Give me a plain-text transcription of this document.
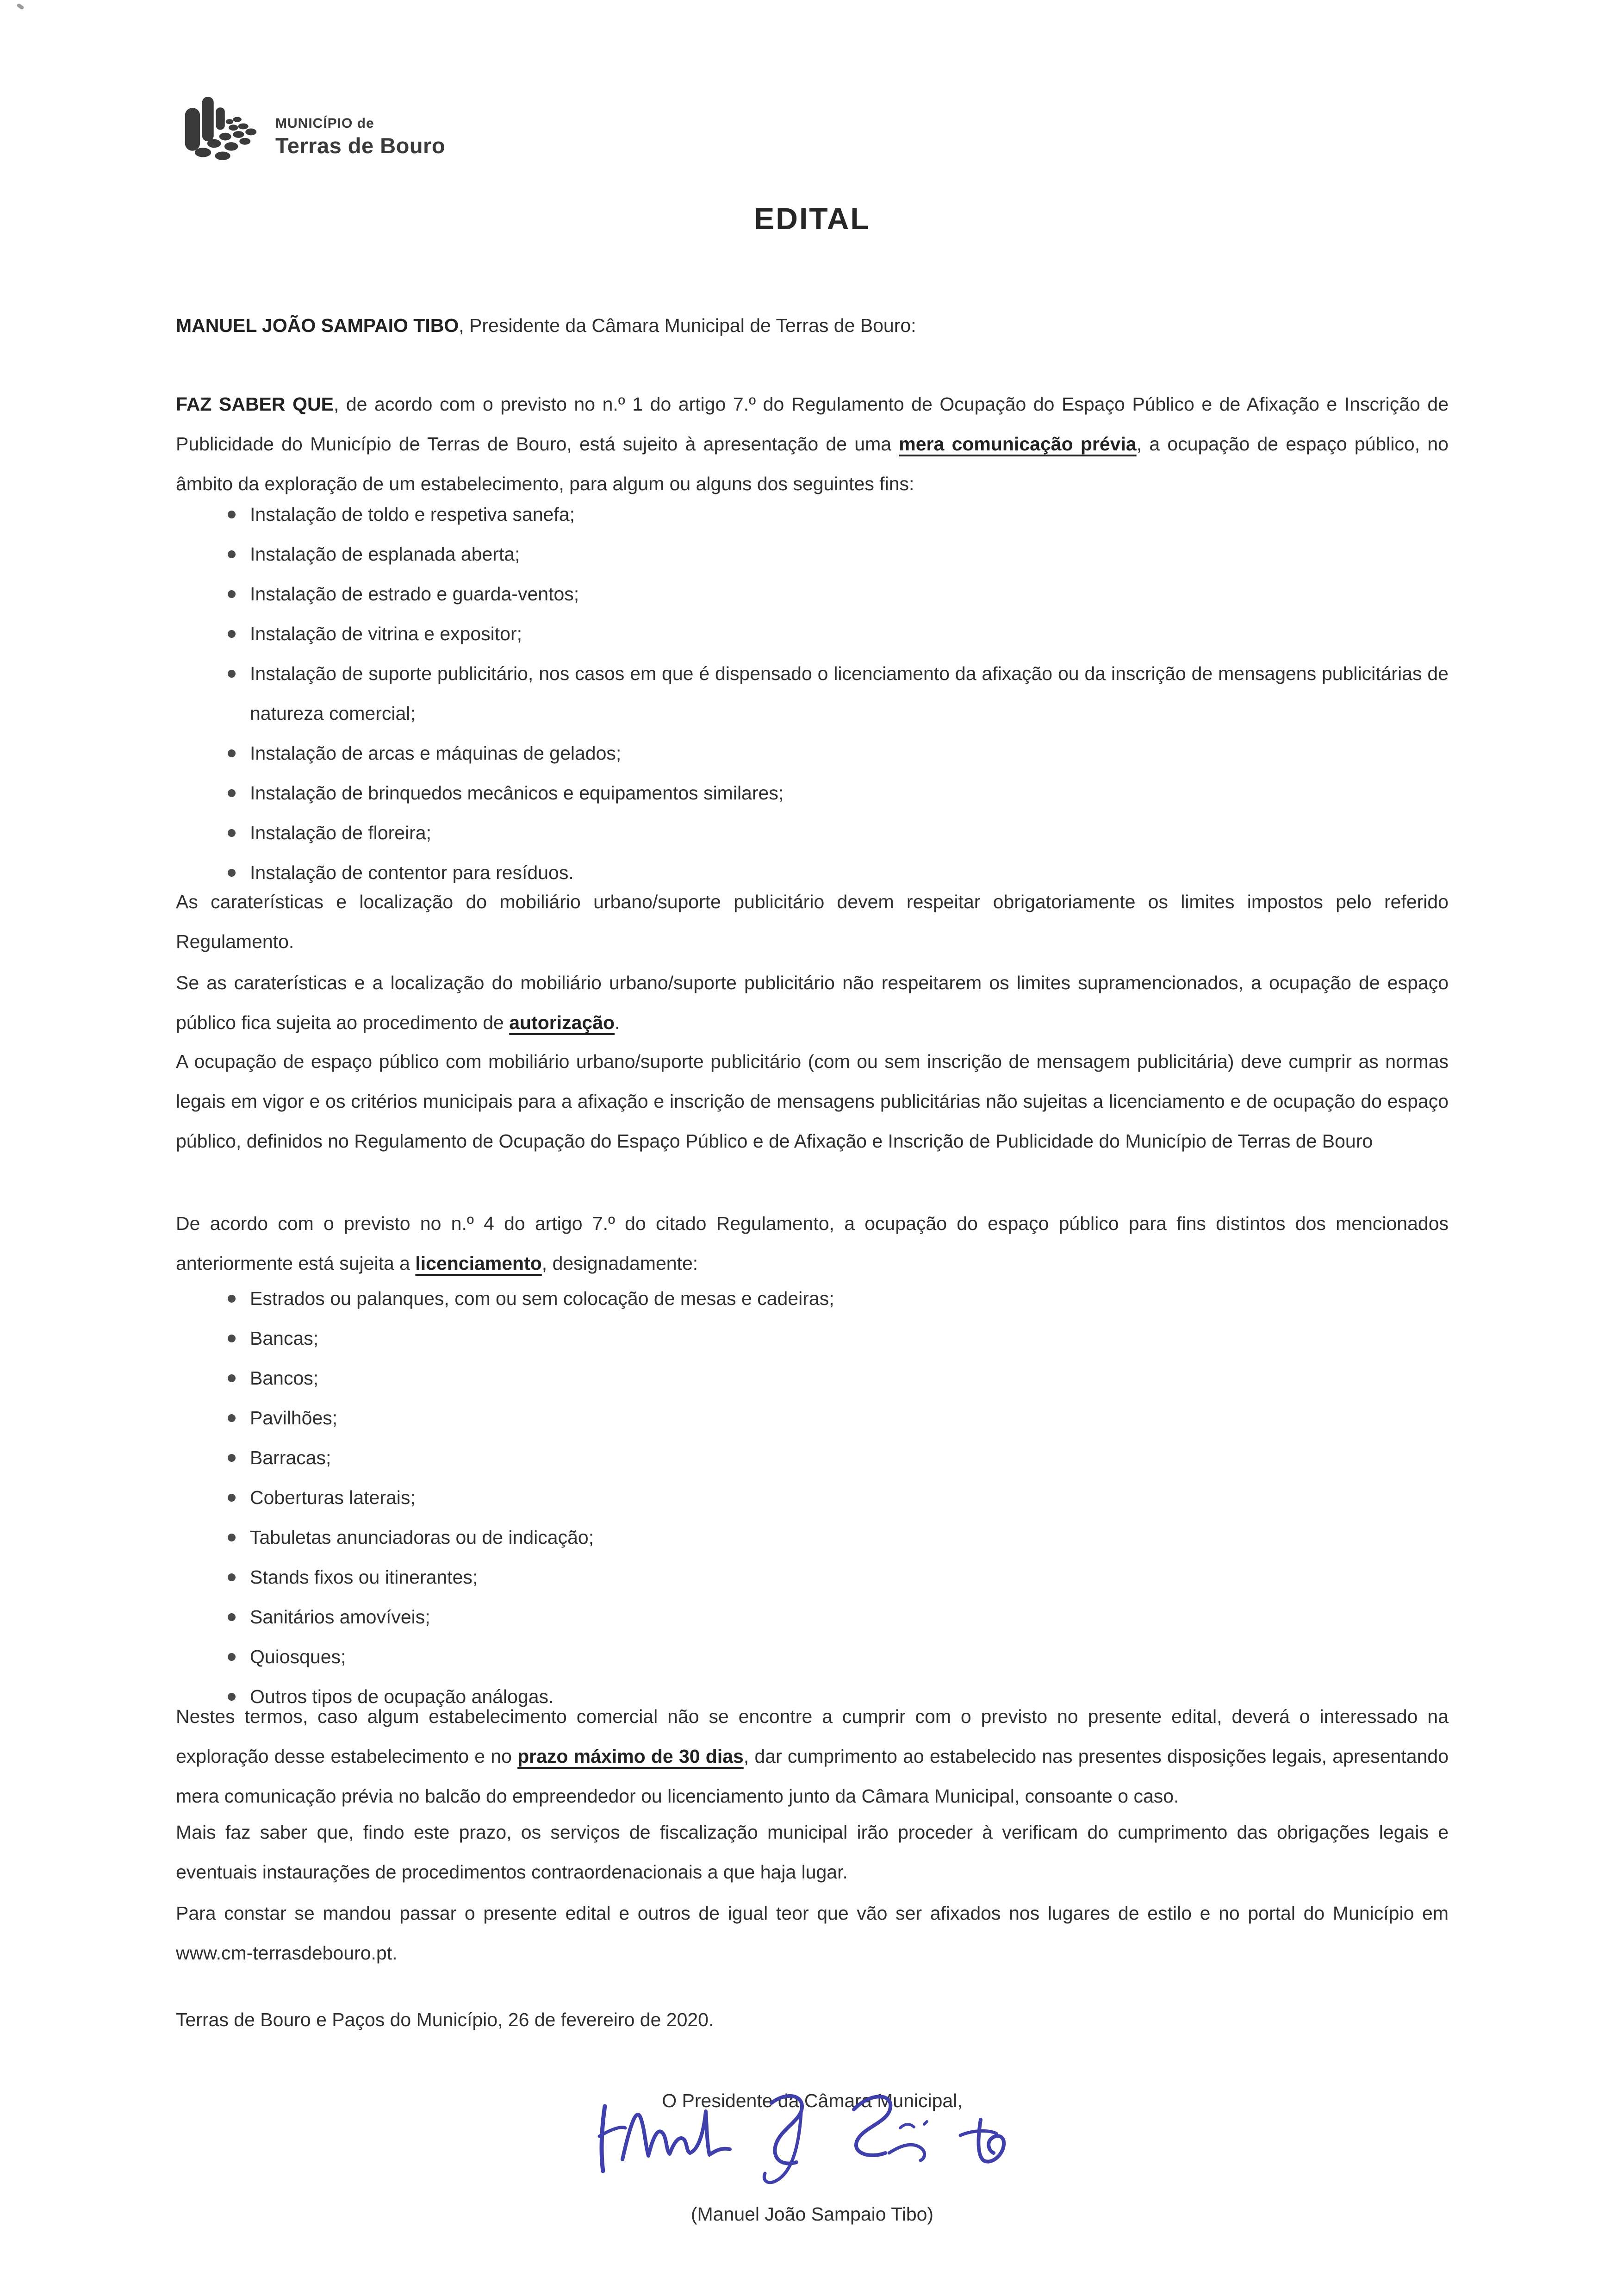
MUNICÍPIO de
Terras de Bouro
EDITAL

MANUEL JOÃO SAMPAIO TIBO, Presidente da Câmara Municipal de Terras de Bouro:

FAZ SABER QUE, de acordo com o previsto no n.º 1 do artigo 7.º do Regulamento de Ocupação do Espaço Público e de Afixação e Inscrição de Publicidade do Município de Terras de Bouro, está sujeito à apresentação de uma mera comunicação prévia, a ocupação de espaço público, no âmbito da exploração de um estabelecimento, para algum ou alguns dos seguintes fins:

Instalação de toldo e respetiva sanefa;
Instalação de esplanada aberta;
Instalação de estrado e guarda-ventos;
Instalação de vitrina e expositor;
Instalação de suporte publicitário, nos casos em que é dispensado o licenciamento da afixação ou da inscrição de mensagens publicitárias de natureza comercial;
Instalação de arcas e máquinas de gelados;
Instalação de brinquedos mecânicos e equipamentos similares;
Instalação de floreira;
Instalação de contentor para resíduos.

As caraterísticas e localização do mobiliário urbano/suporte publicitário devem respeitar obrigatoriamente os limites impostos pelo referido Regulamento.

Se as caraterísticas e a localização do mobiliário urbano/suporte publicitário não respeitarem os limites supramencionados, a ocupação de espaço público fica sujeita ao procedimento de autorização.

A ocupação de espaço público com mobiliário urbano/suporte publicitário (com ou sem inscrição de mensagem publicitária) deve cumprir as normas legais em vigor e os critérios municipais para a afixação e inscrição de mensagens publicitárias não sujeitas a licenciamento e de ocupação do espaço público, definidos no Regulamento de Ocupação do Espaço Público e de Afixação e Inscrição de Publicidade do Município de Terras de Bouro

De acordo com o previsto no n.º 4 do artigo 7.º do citado Regulamento, a ocupação do espaço público para fins distintos dos mencionados anteriormente está sujeita a licenciamento, designadamente:

Estrados ou palanques, com ou sem colocação de mesas e cadeiras;
Bancas;
Bancos;
Pavilhões;
Barracas;
Coberturas laterais;
Tabuletas anunciadoras ou de indicação;
Stands fixos ou itinerantes;
Sanitários amovíveis;
Quiosques;
Outros tipos de ocupação análogas.

Nestes termos, caso algum estabelecimento comercial não se encontre a cumprir com o previsto no presente edital, deverá o interessado na exploração desse estabelecimento e no prazo máximo de 30 dias, dar cumprimento ao estabelecido nas presentes disposições legais, apresentando mera comunicação prévia no balcão do empreendedor ou licenciamento junto da Câmara Municipal, consoante o caso.

Mais faz saber que, findo este prazo, os serviços de fiscalização municipal irão proceder à verificam do cumprimento das obrigações legais e eventuais instaurações de procedimentos contraordenacionais a que haja lugar.

Para constar se mandou passar o presente edital e outros de igual teor que vão ser afixados nos lugares de estilo e no portal do Município em www.cm-terrasdebouro.pt.

Terras de Bouro e Paços do Município, 26 de fevereiro de 2020.

O Presidente da Câmara Municipal,

(Manuel João Sampaio Tibo)
